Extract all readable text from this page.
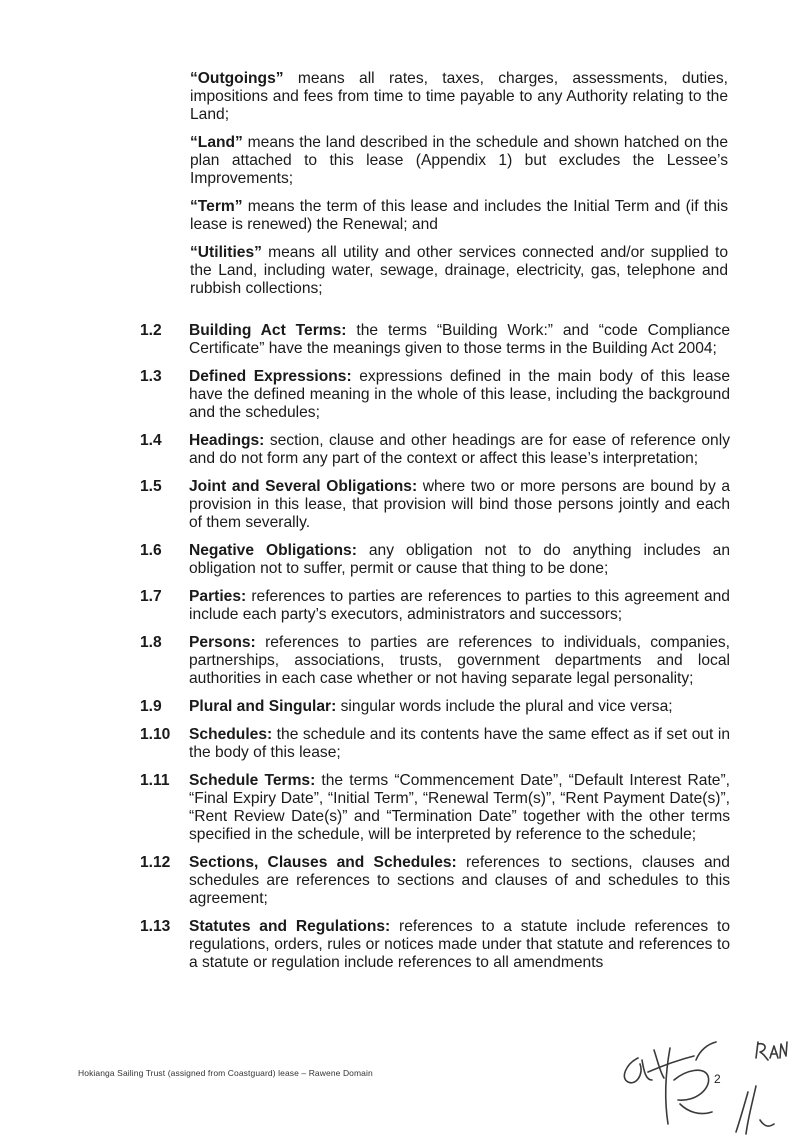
“Outgoings” means all rates, taxes, charges, assessments, duties, impositions and fees from time to time payable to any Authority relating to the Land;

“Land” means the land described in the schedule and shown hatched on the plan attached to this lease (Appendix 1) but excludes the Lessee’s Improvements;

“Term” means the term of this lease and includes the Initial Term and (if this lease is renewed) the Renewal; and

“Utilities” means all utility and other services connected and/or supplied to the Land, including water, sewage, drainage, electricity, gas, telephone and rubbish collections;

1.2 Building Act Terms: the terms “Building Work:” and “code Compliance Certificate” have the meanings given to those terms in the Building Act 2004;

1.3 Defined Expressions: expressions defined in the main body of this lease have the defined meaning in the whole of this lease, including the background and the schedules;

1.4 Headings: section, clause and other headings are for ease of reference only and do not form any part of the context or affect this lease’s interpretation;

1.5 Joint and Several Obligations: where two or more persons are bound by a provision in this lease, that provision will bind those persons jointly and each of them severally.

1.6 Negative Obligations: any obligation not to do anything includes an obligation not to suffer, permit or cause that thing to be done;

1.7 Parties: references to parties are references to parties to this agreement and include each party’s executors, administrators and successors;

1.8 Persons: references to parties are references to individuals, companies, partnerships, associations, trusts, government departments and local authorities in each case whether or not having separate legal personality;

1.9 Plural and Singular: singular words include the plural and vice versa;

1.10 Schedules: the schedule and its contents have the same effect as if set out in the body of this lease;

1.11 Schedule Terms: the terms “Commencement Date”, “Default Interest Rate”, “Final Expiry Date”, “Initial Term”, “Renewal Term(s)”, “Rent Payment Date(s)”, “Rent Review Date(s)” and “Termination Date” together with the other terms specified in the schedule, will be interpreted by reference to the schedule;

1.12 Sections, Clauses and Schedules: references to sections, clauses and schedules are references to sections and clauses of and schedules to this agreement;

1.13 Statutes and Regulations: references to a statute include references to regulations, orders, rules or notices made under that statute and references to a statute or regulation include references to all amendments

Hokianga Sailing Trust (assigned from Coastguard) lease – Rawene Domain	2
